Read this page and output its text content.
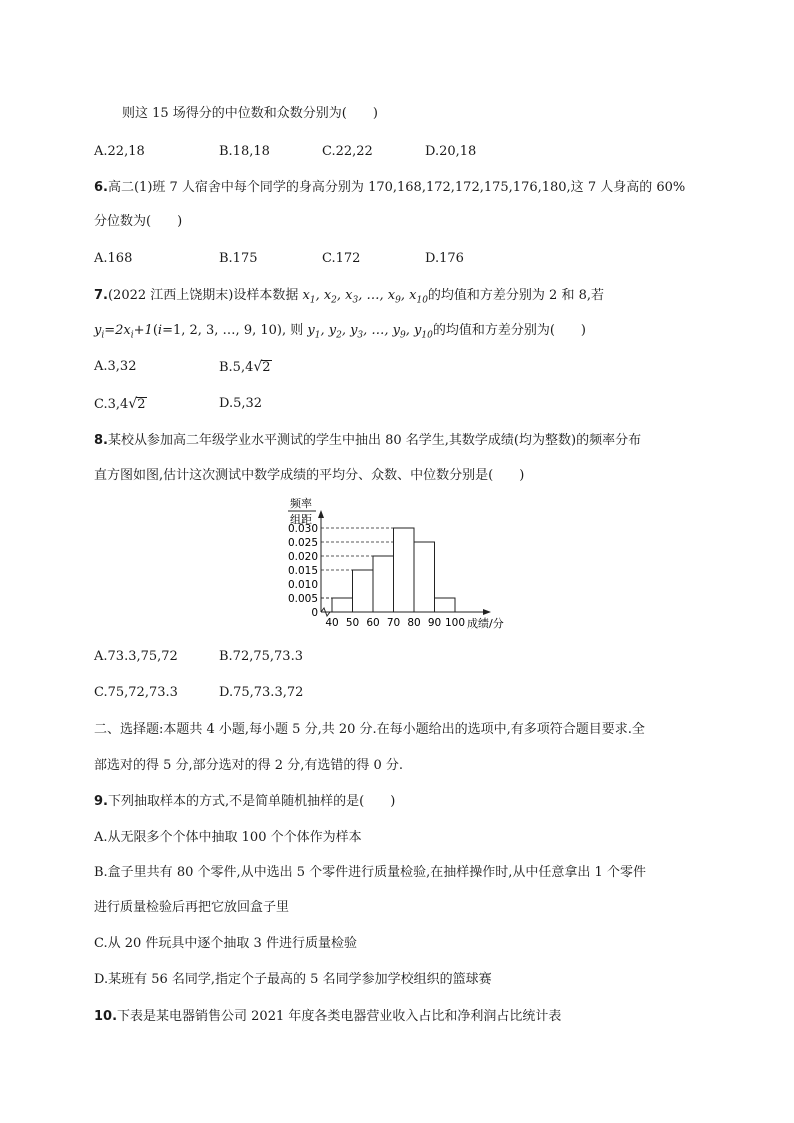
则这 15 场得分的中位数和众数分别为(　　)
A.22,18	B.18,18	C.22,22	D.20,18
6.高二(1)班 7 人宿舍中每个同学的身高分别为 170,168,172,172,175,176,180,这 7 人身高的 60%
分位数为(　　)
A.168	B.175	C.172	D.176
7.(2022 江西上饶期末)设样本数据 $x_1$, $x_2$, $x_3$, …, $x_9$, $x_{10}$的均值和方差分别为 2 和 8,若
$y_i=2x_i+1(i=1$, 2, 3, …, 9, 10), 则 $y_1$, $y_2$, $y_3$, …, $y_9$, $y_{10}$的均值和方差分别为(　　)
A.3,32	B.5,4√2
C.3,4√2	D.5,32
8.某校从参加高二年级学业水平测试的学生中抽出 80 名学生,其数学成绩(均为整数)的频率分布
直方图如图,估计这次测试中数学成绩的平均分、众数、中位数分别是(　　)
频率
组距
0.030
0.025
0.020
0.015
0.010
0.005
0
40 50 60 70 80 90 100 成绩/分
A.73.3,75,72	B.72,75,73.3
C.75,72,73.3	D.75,73.3,72
二、选择题:本题共 4 小题,每小题 5 分,共 20 分.在每小题给出的选项中,有多项符合题目要求.全
部选对的得 5 分,部分选对的得 2 分,有选错的得 0 分.
9.下列抽取样本的方式,不是简单随机抽样的是(　　)
A.从无限多个个体中抽取 100 个个体作为样本
B.盒子里共有 80 个零件,从中选出 5 个零件进行质量检验,在抽样操作时,从中任意拿出 1 个零件
进行质量检验后再把它放回盒子里
C.从 20 件玩具中逐个抽取 3 件进行质量检验
D.某班有 56 名同学,指定个子最高的 5 名同学参加学校组织的篮球赛
10.下表是某电器销售公司 2021 年度各类电器营业收入占比和净利润占比统计表
